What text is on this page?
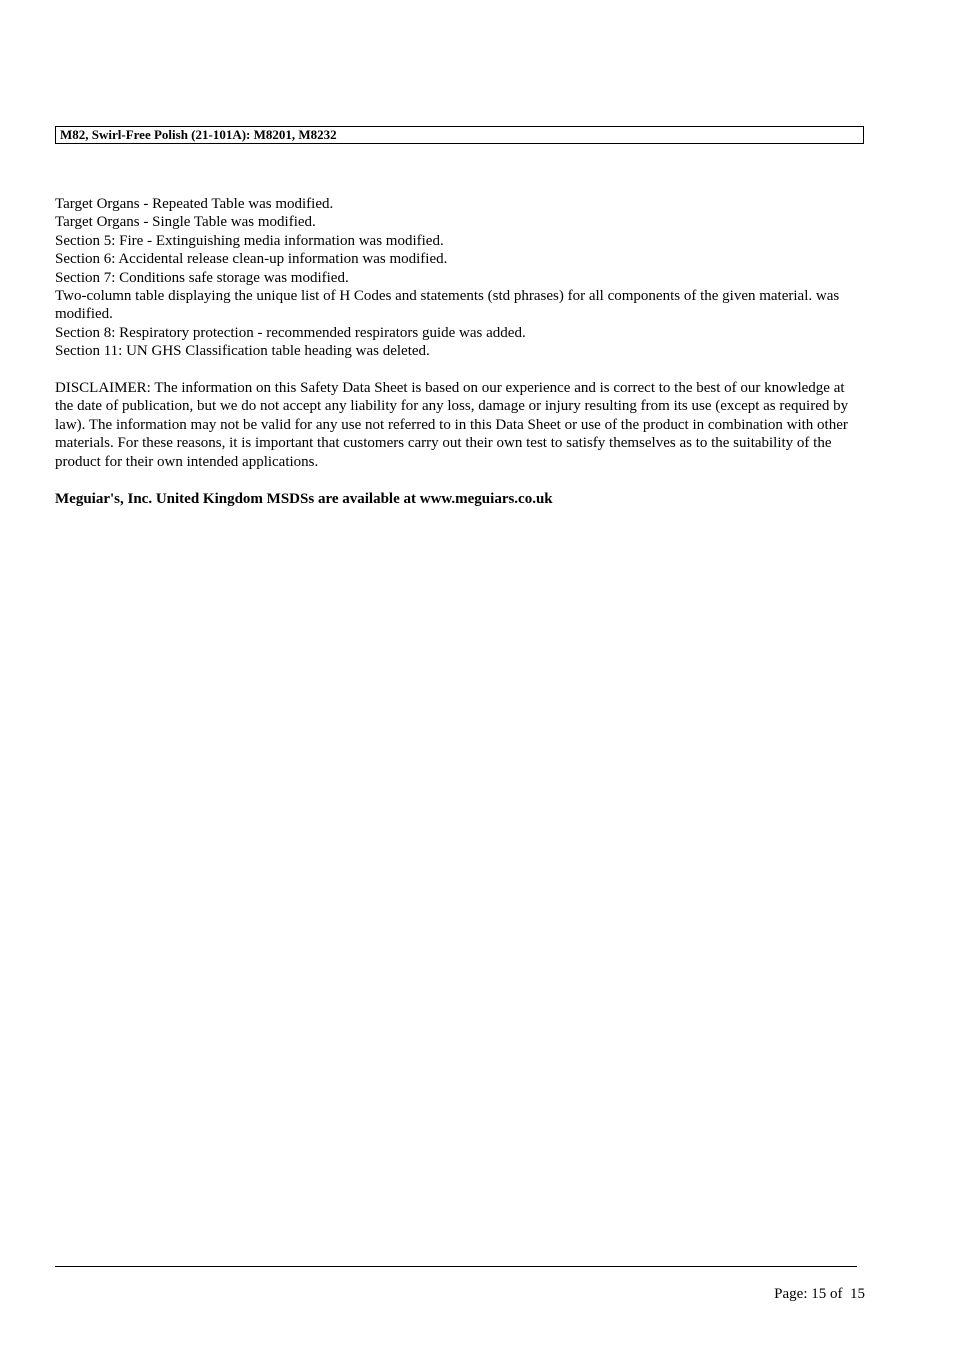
M82, Swirl-Free Polish (21-101A): M8201, M8232
Target Organs - Repeated Table was modified.
Target Organs - Single Table was modified.
Section 5: Fire - Extinguishing media information was modified.
Section 6: Accidental release clean-up information was modified.
Section 7: Conditions safe storage was modified.
Two-column table displaying the unique list of H Codes and statements (std phrases) for all components of the given material. was modified.
Section 8: Respiratory protection - recommended respirators guide was added.
Section 11: UN GHS Classification table heading was deleted.

DISCLAIMER: The information on this Safety Data Sheet is based on our experience and is correct to the best of our knowledge at the date of publication, but we do not accept any liability for any loss, damage or injury resulting from its use (except as required by law). The information may not be valid for any use not referred to in this Data Sheet or use of the product in combination with other materials. For these reasons, it is important that customers carry out their own test to satisfy themselves as to the suitability of the product for their own intended applications.

Meguiar's, Inc. United Kingdom MSDSs are available at www.meguiars.co.uk

Page: 15 of  15
